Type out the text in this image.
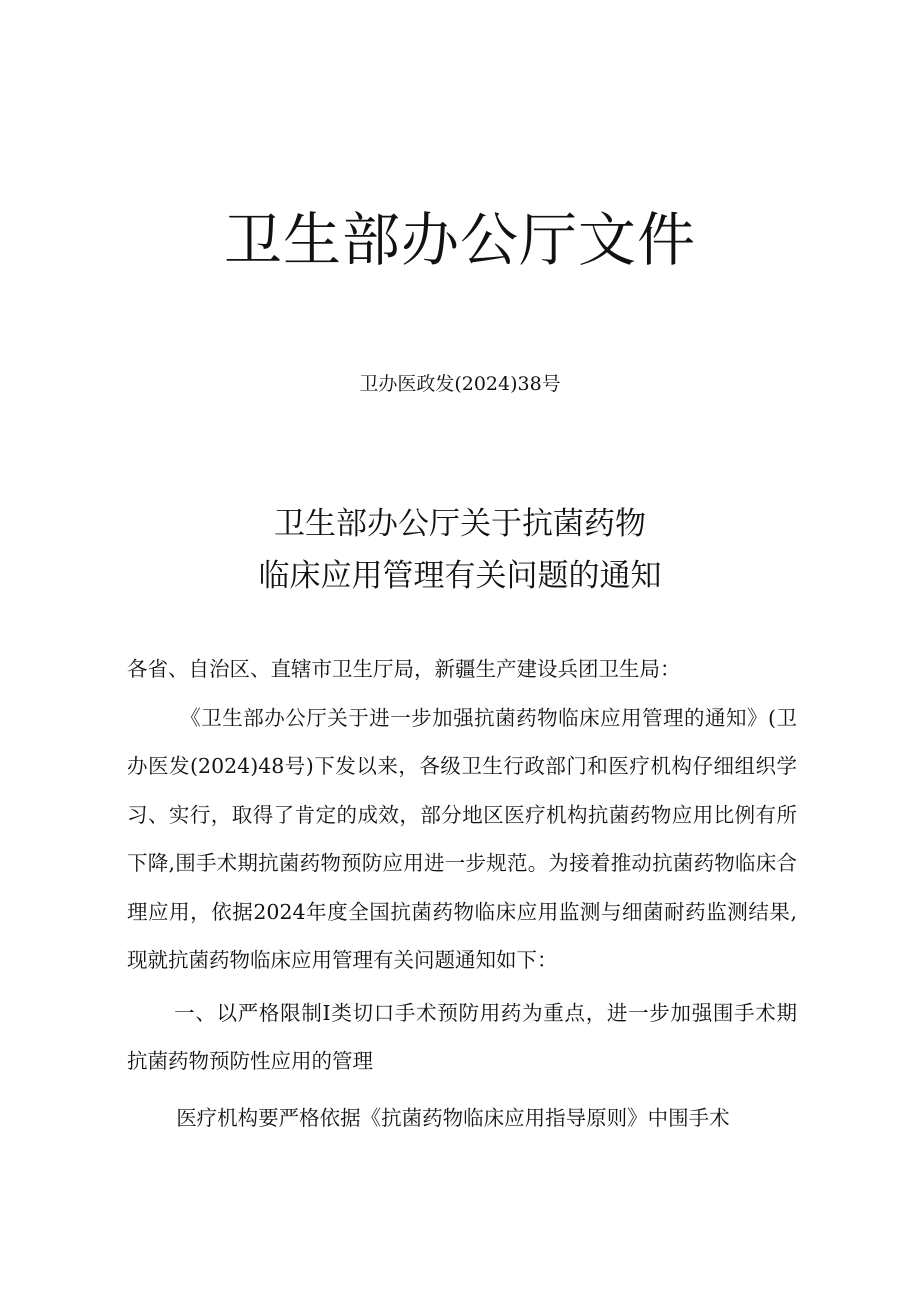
卫生部办公厅文件
卫办医政发(2024)38号
卫生部办公厅关于抗菌药物
临床应用管理有关问题的通知

各省、自治区、直辖市卫生厅局，新疆生产建设兵团卫生局：

《卫生部办公厅关于进一步加强抗菌药物临床应用管理的通知》(卫办医发(2024)48号)下发以来，各级卫生行政部门和医疗机构仔细组织学习、实行，取得了肯定的成效，部分地区医疗机构抗菌药物应用比例有所下降,围手术期抗菌药物预防应用进一步规范。为接着推动抗菌药物临床合理应用，依据2024年度全国抗菌药物临床应用监测与细菌耐药监测结果,现就抗菌药物临床应用管理有关问题通知如下：

一、以严格限制I类切口手术预防用药为重点，进一步加强围手术期抗菌药物预防性应用的管理

医疗机构要严格依据《抗菌药物临床应用指导原则》中围手术
